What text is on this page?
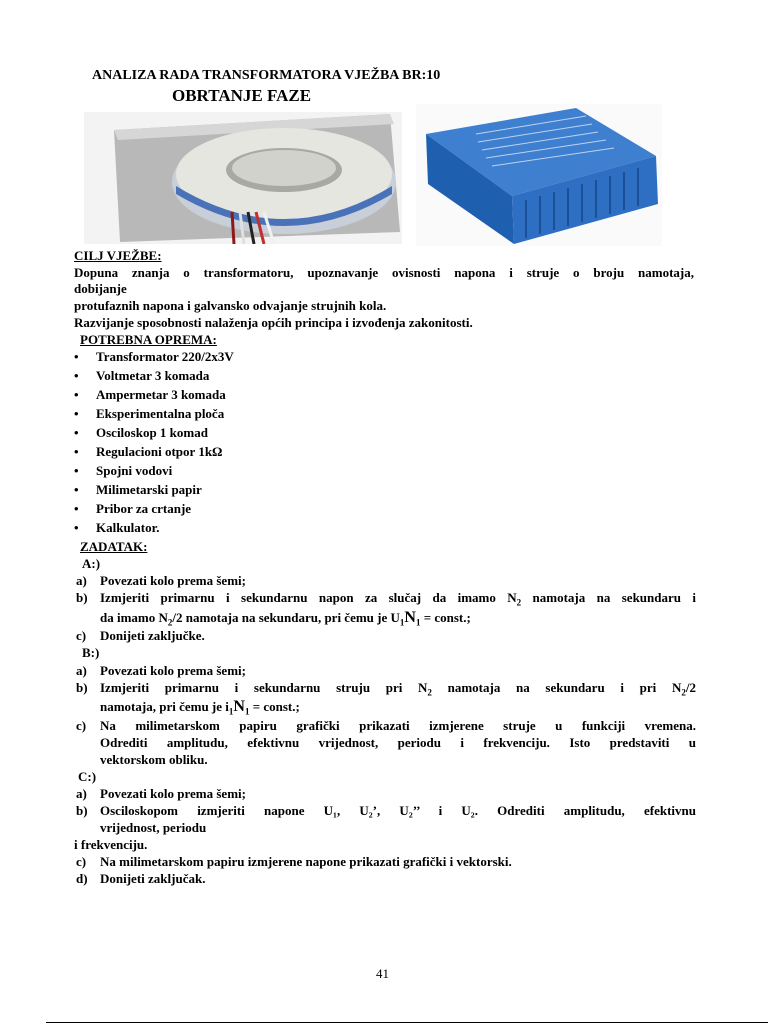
ANALIZA RADA TRANSFORMATORA VJEŽBA BR:10
OBRTANJE FAZE
CILJ VJEŽBE:
Dopuna znanja o transformatoru, upoznavanje ovisnosti napona i struje o broju namotaja,
dobijanje
protufaznih napona i galvansko odvajanje strujnih kola.
Razvijanje sposobnosti nalaženja općih principa i izvođenja zakonitosti.
POTREBNA OPREMA:
• Transformator 220/2x3V
• Voltmetar 3 komada
• Ampermetar 3 komada
• Eksperimentalna ploča
• Osciloskop 1 komad
• Regulacioni otpor 1kΩ
• Spojni vodovi
• Milimetarski papir
• Pribor za crtanje
• Kalkulator.
ZADATAK:
A:)
a) Povezati kolo prema šemi;
b) Izmjeriti primarnu i sekundarnu napon za slučaj da imamo $N_2$ namotaja na sekundaru i
da imamo $N_2/2$ namotaja na sekundaru, pri čemu je $U_1N_1$ = const.;
c) Donijeti zaključke.
B:)
a) Povezati kolo prema šemi;
b) Izmjeriti primarnu i sekundarnu struju pri $N_2$ namotaja na sekundaru i pri $N_2/2$
namotaja, pri čemu je $i_1N_1$ = const.;
c) Na milimetarskom papiru grafički prikazati izmjerene struje u funkciji vremena.
Odrediti amplitudu, efektivnu vrijednost, periodu i frekvenciju. Isto predstaviti u
vektorskom obliku.
C:)
a) Povezati kolo prema šemi;
b) Osciloskopom izmjeriti napone U₁, U₂’, U₂’’ i U₂. Odrediti amplitudu, efektivnu
vrijednost, periodu
i frekvenciju.
c) Na milimetarskom papiru izmjerene napone prikazati grafički i vektorski.
d) Donijeti zaključak.
41
